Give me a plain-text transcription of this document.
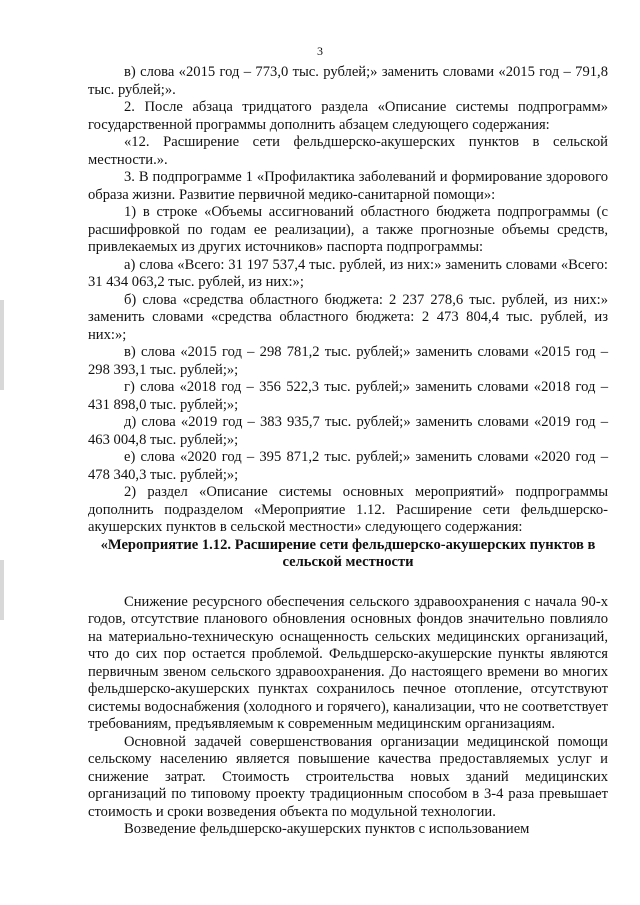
3

в) слова «2015 год – 773,0 тыс. рублей;» заменить словами «2015 год – 791,8 тыс. рублей;».

2. После абзаца тридцатого раздела «Описание системы подпрограмм» государственной программы дополнить абзацем следующего содержания:

«12. Расширение сети фельдшерско-акушерских пунктов в сельской местности.».

3. В подпрограмме 1 «Профилактика заболеваний и формирование здорового образа жизни. Развитие первичной медико-санитарной помощи»:

1) в строке «Объемы ассигнований областного бюджета подпрограммы (с расшифровкой по годам ее реализации), а также прогнозные объемы средств, привлекаемых из других источников» паспорта подпрограммы:

а) слова «Всего: 31 197 537,4 тыс. рублей, из них:» заменить словами «Всего: 31 434 063,2 тыс. рублей, из них:»;

б) слова «средства областного бюджета: 2 237 278,6 тыс. рублей, из них:» заменить словами «средства областного бюджета: 2 473 804,4 тыс. рублей, из них:»;

в) слова «2015 год – 298 781,2 тыс. рублей;» заменить словами «2015 год – 298 393,1 тыс. рублей;»;

г) слова «2018 год – 356 522,3 тыс. рублей;» заменить словами «2018 год – 431 898,0 тыс. рублей;»;

д) слова «2019 год – 383 935,7 тыс. рублей;» заменить словами «2019 год – 463 004,8 тыс. рублей;»;

е) слова «2020 год – 395 871,2 тыс. рублей;» заменить словами «2020 год – 478 340,3 тыс. рублей;»;

2) раздел «Описание системы основных мероприятий» подпрограммы дополнить подразделом «Мероприятие 1.12. Расширение сети фельдшерско-акушерских пунктов в сельской местности» следующего содержания:

«Мероприятие 1.12. Расширение сети фельдшерско-акушерских пунктов в сельской местности

Снижение ресурсного обеспечения сельского здравоохранения с начала 90-х годов, отсутствие планового обновления основных фондов значительно повлияло на материально-техническую оснащенность сельских медицинских организаций, что до сих пор остается проблемой. Фельдшерско-акушерские пункты являются первичным звеном сельского здравоохранения. До настоящего времени во многих фельдшерско-акушерских пунктах сохранилось печное отопление, отсутствуют системы водоснабжения (холодного и горячего), канализации, что не соответствует требованиям, предъявляемым к современным медицинским организациям.

Основной задачей совершенствования организации медицинской помощи сельскому населению является повышение качества предоставляемых услуг и снижение затрат. Стоимость строительства новых зданий медицинских организаций по типовому проекту традиционным способом в 3-4 раза превышает стоимость и сроки возведения объекта по модульной технологии.

Возведение фельдшерско-акушерских пунктов с использованием
